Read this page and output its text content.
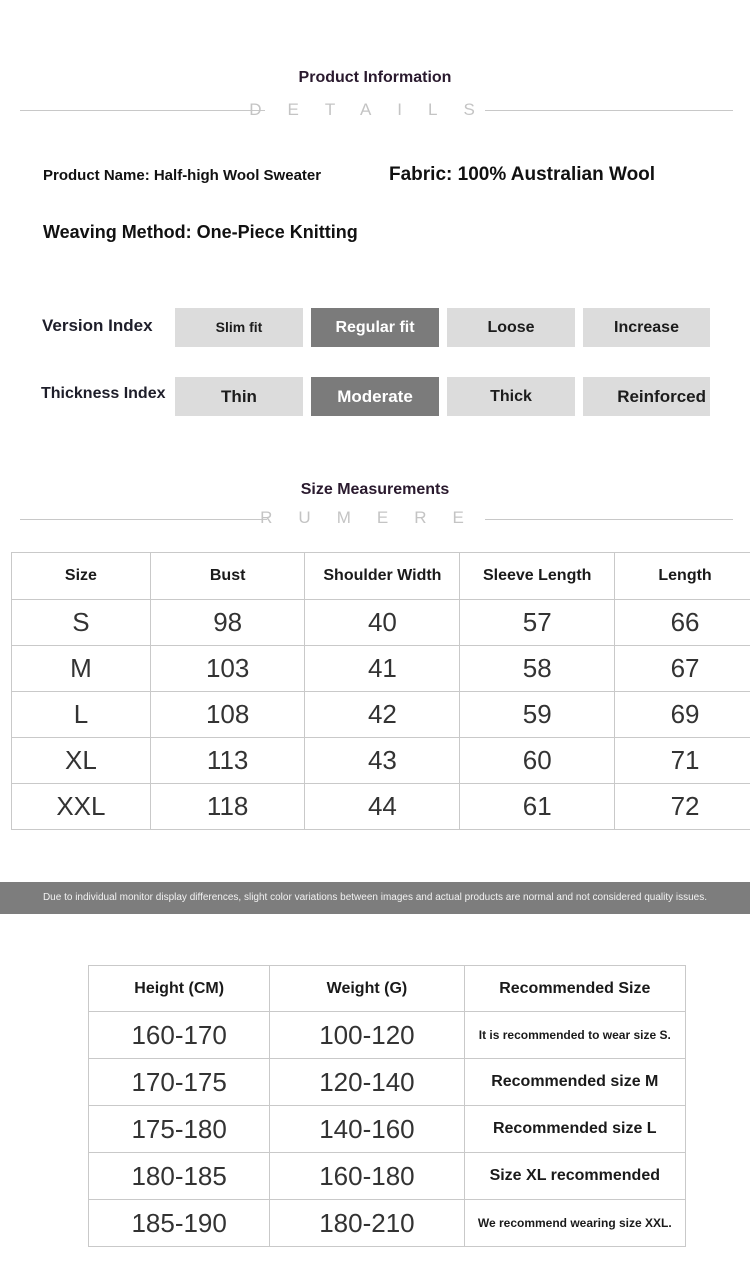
Product Information
DETAILS
Product Name: Half-high Wool Sweater	Fabric: 100% Australian Wool
Weaving Method: One-Piece Knitting
Version Index	Slim fit	Regular fit	Loose	Increase
Thickness Index	Thin	Moderate	Thick	Reinforced
Size Measurements
RUMERE
Size	Bust	Shoulder Width	Sleeve Length	Length
S	98	40	57	66
M	103	41	58	67
L	108	42	59	69
XL	113	43	60	71
XXL	118	44	61	72
Due to individual monitor display differences, slight color variations between images and actual products are normal and not considered quality issues.
Height (CM)	Weight (G)	Recommended Size
160-170	100-120	It is recommended to wear size S.
170-175	120-140	Recommended size M
175-180	140-160	Recommended size L
180-185	160-180	Size XL recommended
185-190	180-210	We recommend wearing size XXL.
